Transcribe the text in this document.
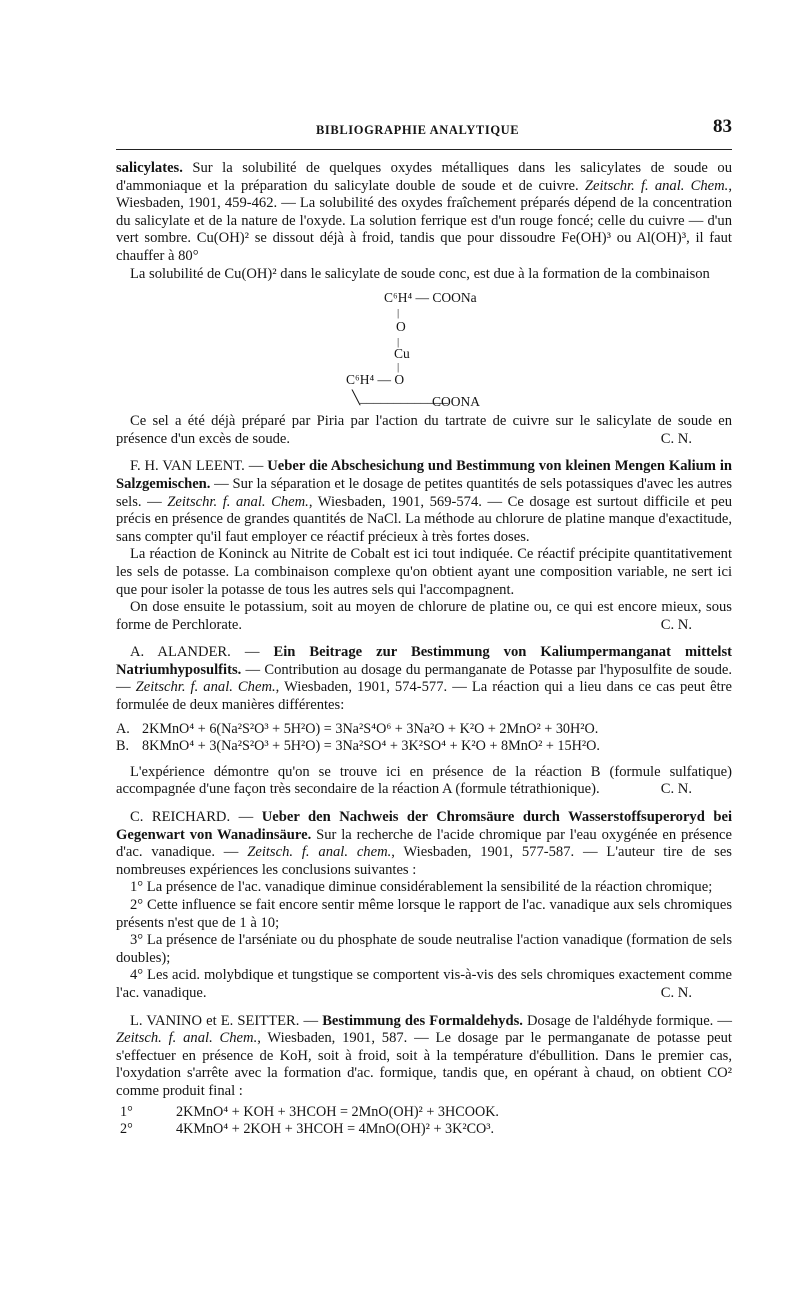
BIBLIOGRAPHIE ANALYTIQUE	83

salicylates. Sur la solubilité de quelques oxydes métalliques dans les salicylates de soude ou d'ammoniaque et la préparation du salicylate double de soude et de cuivre. Zeitschr. f. anal. Chem., Wiesbaden, 1901, 459-462. — La solubilité des oxydes fraîchement préparés dépend de la concentration du salicylate et de la nature de l'oxyde. La solution ferrique est d'un rouge foncé; celle du cuivre — d'un vert sombre. Cu(OH)² se dissout déjà à froid, tandis que pour dissoudre Fe(OH)³ ou Al(OH)³, il faut chauffer à 80°

La solubilité de Cu(OH)² dans le salicylate de soude conc, est due à la formation de la combinaison

C⁶H⁴ — COONa
|
O
|
Cu
|
C⁶H⁴ — O
╲_____________
COONA

Ce sel a été déjà préparé par Piria par l'action du tartrate de cuivre sur le salicylate de soude en présence d'un excès de soude.	C. N.

F. H. VAN LEENT. — Ueber die Abschesichung und Bestimmung von kleinen Mengen Kalium in Salzgemischen. — Sur la séparation et le dosage de petites quantités de sels potassiques d'avec les autres sels. — Zeitschr. f. anal. Chem., Wiesbaden, 1901, 569-574. — Ce dosage est surtout difficile et peu précis en présence de grandes quantités de NaCl. La méthode au chlorure de platine manque d'exactitude, sans compter qu'il faut employer ce réactif précieux à très fortes doses.

La réaction de Koninck au Nitrite de Cobalt est ici tout indiquée. Ce réactif précipite quantitativement les sels de potasse. La combinaison complexe qu'on obtient ayant une composition variable, ne sert ici que pour isoler la potasse de tous les autres sels qui l'accompagnent.

On dose ensuite le potassium, soit au moyen de chlorure de platine ou, ce qui est encore mieux, sous forme de Perchlorate.	C. N.

A. ALANDER. — Ein Beitrage zur Bestimmung von Kaliumpermanganat mittelst Natriumhyposulfits. — Contribution au dosage du permanganate de Potasse par l'hyposulfite de soude. — Zeitschr. f. anal. Chem., Wiesbaden, 1901, 574-577. — La réaction qui a lieu dans ce cas peut être formulée de deux manières différentes:

A. 2KMnO⁴ + 6(Na²S²O³ + 5H²O) = 3Na²S⁴O⁶ + 3Na²O + K²O + 2MnO² + 30H²O.
B. 8KMnO⁴ + 3(Na²S²O³ + 5H²O) = 3Na²SO⁴ + 3K²SO⁴ + K²O + 8MnO² + 15H²O.

L'expérience démontre qu'on se trouve ici en présence de la réaction B (formule sulfatique) accompagnée d'une façon très secondaire de la réaction A (formule tétrathionique).	C. N.

C. REICHARD. — Ueber den Nachweis der Chromsäure durch Wasserstoffsuperoryd bei Gegenwart von Wanadinsäure. Sur la recherche de l'acide chromique par l'eau oxygénée en présence d'ac. vanadique. — Zeitsch. f. anal. chem., Wiesbaden, 1901, 577-587. — L'auteur tire de ses nombreuses expériences les conclusions suivantes :

1° La présence de l'ac. vanadique diminue considérablement la sensibilité de la réaction chromique;

2° Cette influence se fait encore sentir même lorsque le rapport de l'ac. vanadique aux sels chromiques présents n'est que de 1 à 10;

3° La présence de l'arséniate ou du phosphate de soude neutralise l'action vanadique (formation de sels doubles);

4° Les acid. molybdique et tungstique se comportent vis-à-vis des sels chromiques exactement comme l'ac. vanadique.	C. N.

L. VANINO et E. SEITTER. — Bestimmung des Formaldehyds. Dosage de l'aldéhyde formique. — Zeitsch. f. anal. Chem., Wiesbaden, 1901, 587. — Le dosage par le permanganate de potasse peut s'effectuer en présence de KoH, soit à froid, soit à la température d'ébullition. Dans le premier cas, l'oxydation s'arrête avec la formation d'ac. formique, tandis que, en opérant à chaud, on obtient CO² comme produit final :

1°	2KMnO⁴ + KOH + 3HCOH = 2MnO(OH)² + 3HCOOK.
2°	4KMnO⁴ + 2KOH + 3HCOH = 4MnO(OH)² + 3K²CO³.
